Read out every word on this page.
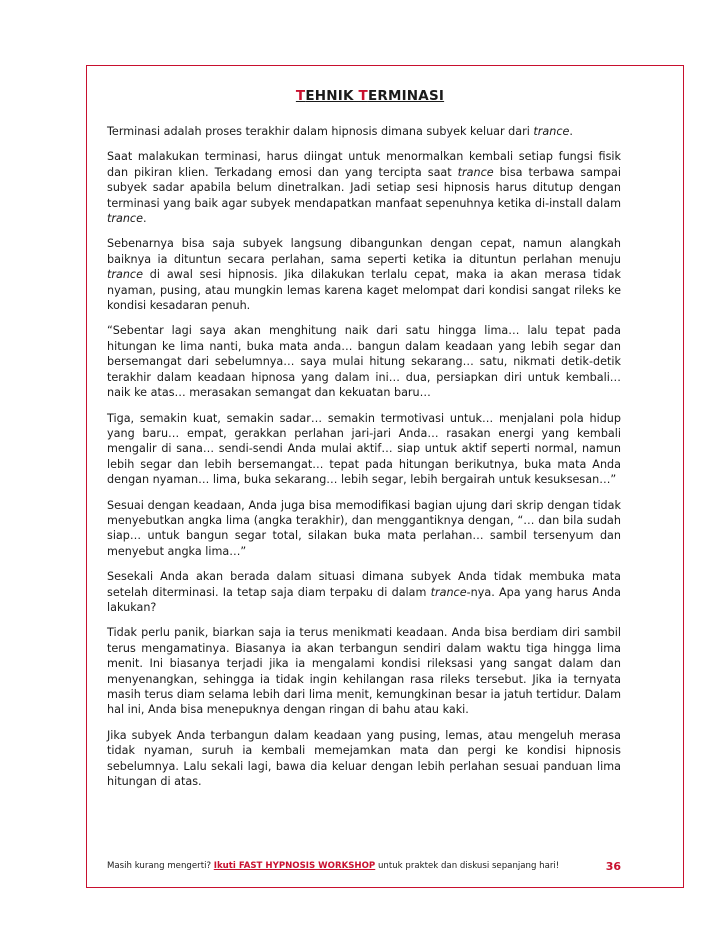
TEHNIK TERMINASI

Terminasi adalah proses terakhir dalam hipnosis dimana subyek keluar dari trance.

Saat malakukan terminasi, harus diingat untuk menormalkan kembali setiap fungsi fisik dan pikiran klien. Terkadang emosi dan yang tercipta saat trance bisa terbawa sampai subyek sadar apabila belum dinetralkan. Jadi setiap sesi hipnosis harus ditutup dengan terminasi yang baik agar subyek mendapatkan manfaat sepenuhnya ketika di-install dalam trance.

Sebenarnya bisa saja subyek langsung dibangunkan dengan cepat, namun alangkah baiknya ia dituntun secara perlahan, sama seperti ketika ia dituntun perlahan menuju trance di awal sesi hipnosis. Jika dilakukan terlalu cepat, maka ia akan merasa tidak nyaman, pusing, atau mungkin lemas karena kaget melompat dari kondisi sangat rileks ke kondisi kesadaran penuh.

“Sebentar lagi saya akan menghitung naik dari satu hingga lima… lalu tepat pada hitungan ke lima nanti, buka mata anda… bangun dalam keadaan yang lebih segar dan bersemangat dari sebelumnya… saya mulai hitung sekarang… satu, nikmati detik-detik terakhir dalam keadaan hipnosa yang dalam ini… dua, persiapkan diri untuk kembali… naik ke atas… merasakan semangat dan kekuatan baru…

Tiga, semakin kuat, semakin sadar… semakin termotivasi untuk… menjalani pola hidup yang baru… empat, gerakkan perlahan jari-jari Anda… rasakan energi yang kembali mengalir di sana… sendi-sendi Anda mulai aktif… siap untuk aktif seperti normal, namun lebih segar dan lebih bersemangat… tepat pada hitungan berikutnya, buka mata Anda dengan nyaman… lima, buka sekarang… lebih segar, lebih bergairah untuk kesuksesan…”

Sesuai dengan keadaan, Anda juga bisa memodifikasi bagian ujung dari skrip dengan tidak menyebutkan angka lima (angka terakhir), dan menggantiknya dengan, “… dan bila sudah siap… untuk bangun segar total, silakan buka mata perlahan… sambil tersenyum dan menyebut angka lima…”

Sesekali Anda akan berada dalam situasi dimana subyek Anda tidak membuka mata setelah diterminasi. Ia tetap saja diam terpaku di dalam trance-nya. Apa yang harus Anda lakukan?

Tidak perlu panik, biarkan saja ia terus menikmati keadaan. Anda bisa berdiam diri sambil terus mengamatinya. Biasanya ia akan terbangun sendiri dalam waktu tiga hingga lima menit. Ini biasanya terjadi jika ia mengalami kondisi rileksasi yang sangat dalam dan menyenangkan, sehingga ia tidak ingin kehilangan rasa rileks tersebut. Jika ia ternyata masih terus diam selama lebih dari lima menit, kemungkinan besar ia jatuh tertidur. Dalam hal ini, Anda bisa menepuknya dengan ringan di bahu atau kaki.

Jika subyek Anda terbangun dalam keadaan yang pusing, lemas, atau mengeluh merasa tidak nyaman, suruh ia kembali memejamkan mata dan pergi ke kondisi hipnosis sebelumnya. Lalu sekali lagi, bawa dia keluar dengan lebih perlahan sesuai panduan lima hitungan di atas.

Masih kurang mengerti? Ikuti FAST HYPNOSIS WORKSHOP untuk praktek dan diskusi sepanjang hari!	36
